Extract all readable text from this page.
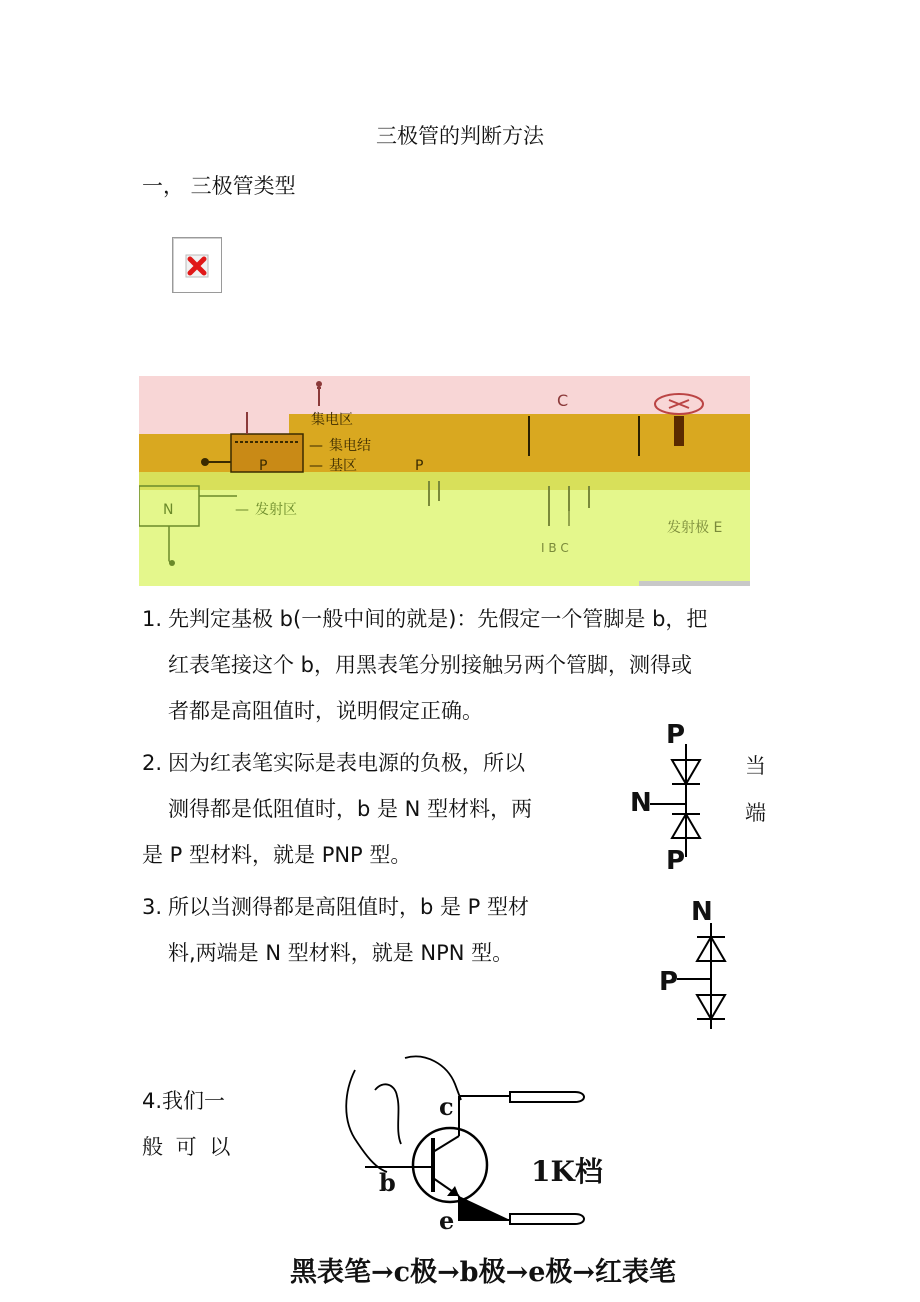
三极管的判断方法
一， 三极管类型
集电区
— 集电结
— 基区
P	P
N	— 发射区
C
发射极 E
I B C
1. 先判定基极 b(一般中间的就是)：先假定一个管脚是 b，把
红表笔接这个 b，用黑表笔分别接触另两个管脚，测得或
者都是高阻值时，说明假定正确。
2. 因为红表笔实际是表电源的负极，所以
测得都是低阻值时，b 是 N 型材料，两
是 P 型材料，就是 PNP 型。
当
端
P
N
P
3. 所以当测得都是高阻值时，b 是 P 型材
料,两端是 N 型材料，就是 NPN 型。
N
P
4.我们一
般 可 以
c
b
e
1K档
黑表笔→c极→b极→e极→红表笔
